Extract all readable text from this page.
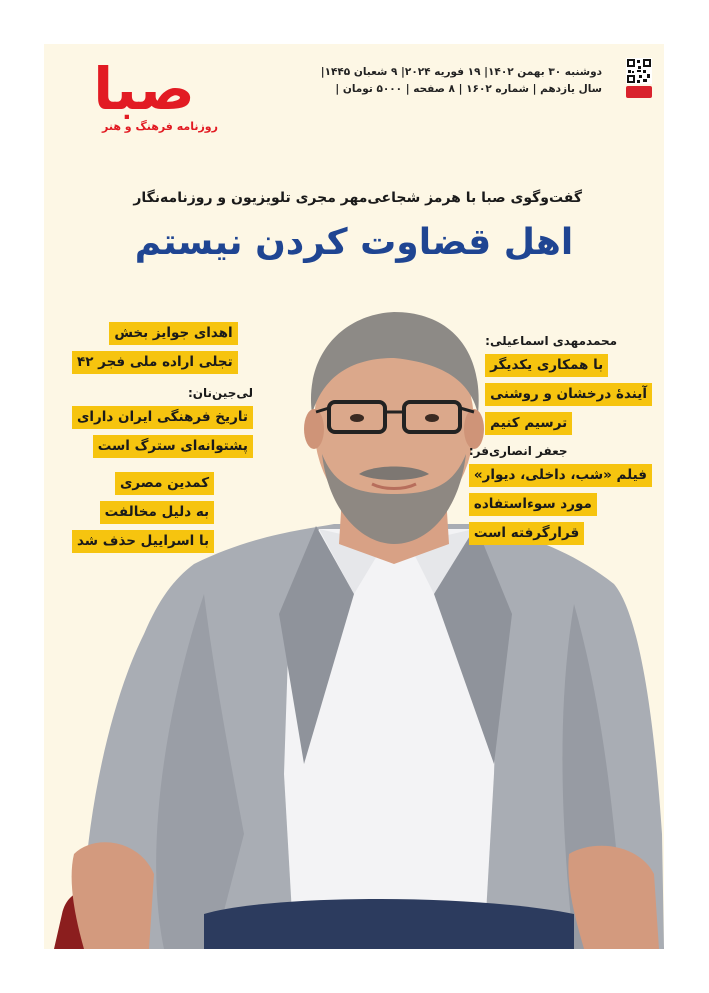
صبا
روزنامه فرهنگ و هنر
دوشنبه ۳۰ بهمن ۱۴۰۲| ۱۹ فوریه ۲۰۲۴| ۹ شعبان ۱۴۴۵|
سال یازدهم | شماره ۱۶۰۲ | ۸ صفحه | ۵۰۰۰ تومان |
گفت‌وگوی صبا با هرمز شجاعی‌مهر مجری تلویزیون و روزنامه‌نگار
اهل قضاوت کردن نیستم
محمدمهدی اسماعیلی:
با همکاری یکدیگر
آیندۀ درخشان و روشنی
ترسیم کنیم
جعفر انصاری‌فر:
فیلم «شب، داخلی، دیوار»
مورد سوء‌استفاده
قرار‌گرفته است
اهدای جوایز بخش
تجلی اراده ملی فجر ۴۲
لی‌جین‌نان:
تاریخ فرهنگی ایران دارای
پشتوانه‌ای سترگ است
کمدین مصری
به دلیل مخالفت
با اسراییل حذف شد
